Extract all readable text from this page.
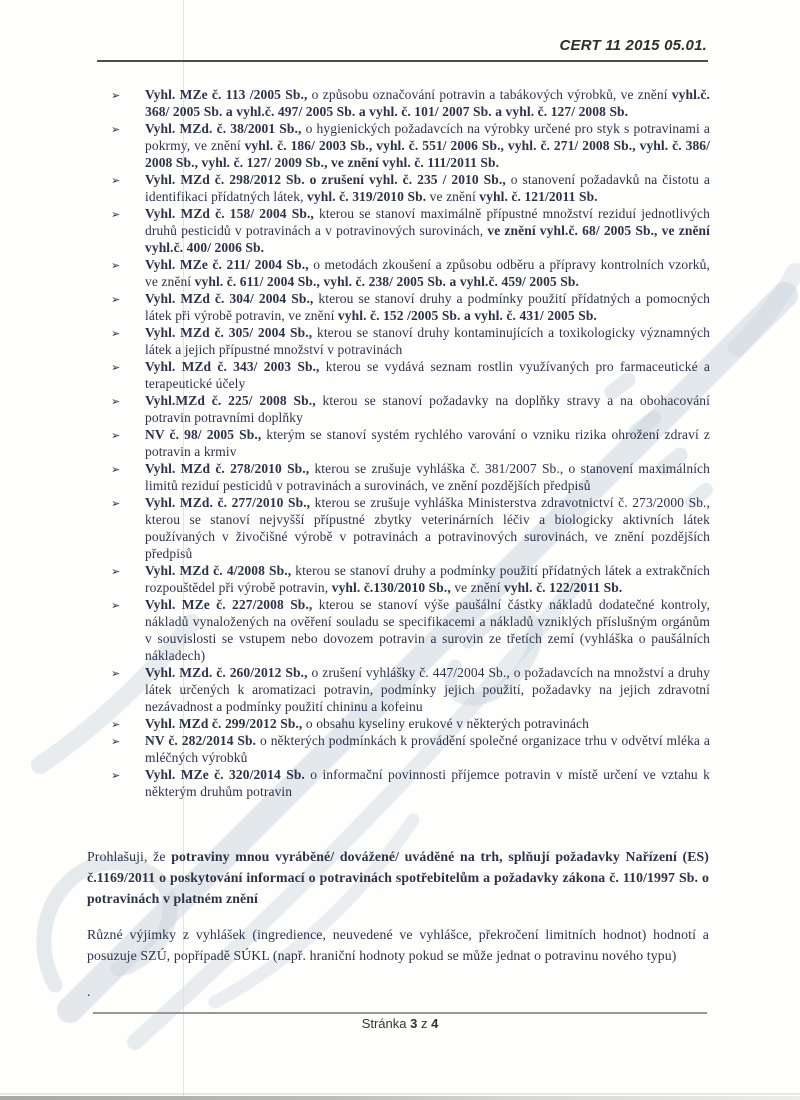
CERT 11 2015 05.01.
➢ Vyhl. MZe č. 113 /2005 Sb., o způsobu označování potravin a tabákových výrobků, ve znění vyhl.č. 368/ 2005 Sb. a vyhl.č. 497/ 2005 Sb. a vyhl. č. 101/ 2007 Sb. a vyhl. č. 127/ 2008 Sb.
➢ Vyhl. MZd. č. 38/2001 Sb., o hygienických požadavcích na výrobky určené pro styk s potravinami a pokrmy, ve znění vyhl. č. 186/ 2003 Sb., vyhl. č. 551/ 2006 Sb., vyhl. č. 271/ 2008 Sb., vyhl. č. 386/ 2008 Sb., vyhl. č. 127/ 2009 Sb., ve znění vyhl. č. 111/2011 Sb.
➢ Vyhl. MZd č. 298/2012 Sb. o zrušení vyhl. č. 235 / 2010 Sb., o stanovení požadavků na čistotu a identifikaci přídatných látek, vyhl. č. 319/2010 Sb. ve znění vyhl. č. 121/2011 Sb.
➢ Vyhl. MZd č. 158/ 2004 Sb., kterou se stanoví maximálně přípustné množství reziduí jednotlivých druhů pesticidů v potravinách a v potravinových surovinách, ve znění vyhl.č. 68/ 2005 Sb., ve znění vyhl.č. 400/ 2006 Sb.
➢ Vyhl. MZe č. 211/ 2004 Sb., o metodách zkoušení a způsobu odběru a přípravy kontrolních vzorků, ve znění vyhl. č. 611/ 2004 Sb., vyhl. č. 238/ 2005 Sb. a vyhl.č. 459/ 2005 Sb.
➢ Vyhl. MZd č. 304/ 2004 Sb., kterou se stanoví druhy a podmínky použití přídatných a pomocných látek při výrobě potravin, ve znění vyhl. č. 152 /2005 Sb. a vyhl. č. 431/ 2005 Sb.
➢ Vyhl. MZd č. 305/ 2004 Sb., kterou se stanoví druhy kontaminujících a toxikologicky významných látek a jejich přípustné množství v potravinách
➢ Vyhl. MZd č. 343/ 2003 Sb., kterou se vydává seznam rostlin využívaných pro farmaceutické a terapeutické účely
➢ Vyhl.MZd č. 225/ 2008 Sb., kterou se stanoví požadavky na doplňky stravy a na obohacování potravin potravními doplňky
➢ NV č. 98/ 2005 Sb., kterým se stanoví systém rychlého varování o vzniku rizika ohrožení zdraví z potravin a krmiv
➢ Vyhl. MZd č. 278/2010 Sb., kterou se zrušuje vyhláška č. 381/2007 Sb., o stanovení maximálních limitů reziduí pesticidů v potravinách a surovinách, ve znění pozdějších předpisů
➢ Vyhl. MZd. č. 277/2010 Sb., kterou se zrušuje vyhláška Ministerstva zdravotnictví č. 273/2000 Sb., kterou se stanoví nejvyšší přípustné zbytky veterinárních léčiv a biologicky aktivních látek používaných v živočišné výrobě v potravinách a potravinových surovinách, ve znění pozdějších předpisů
➢ Vyhl. MZd č. 4/2008 Sb., kterou se stanoví druhy a podmínky použití přídatných látek a extrakčních rozpouštědel při výrobě potravin, vyhl. č.130/2010 Sb., ve znění vyhl. č. 122/2011 Sb.
➢ Vyhl. MZe č. 227/2008 Sb., kterou se stanoví výše paušální částky nákladů dodatečné kontroly, nákladů vynaložených na ověření souladu se specifikacemi a nákladů vzniklých příslušným orgánům v souvislosti se vstupem nebo dovozem potravin a surovin ze třetích zemí (vyhláška o paušálních nákladech)
➢ Vyhl. MZd. č. 260/2012 Sb., o zrušení vyhlášky č. 447/2004 Sb., o požadavcích na množství a druhy látek určených k aromatizaci potravin, podmínky jejich použití, požadavky na jejich zdravotní nezávadnost a podmínky použití chininu a kofeinu
➢ Vyhl. MZd č. 299/2012 Sb., o obsahu kyseliny erukové v některých potravinách
➢ NV č. 282/2014 Sb. o některých podmínkách k provádění společné organizace trhu v odvětví mléka a mléčných výrobků
➢ Vyhl. MZe č. 320/2014 Sb. o informační povinnosti příjemce potravin v místě určení ve vztahu k některým druhům potravin

Prohlašuji, že potraviny mnou vyráběné/ dovážené/ uváděné na trh, splňují požadavky Nařízení (ES) č.1169/2011 o poskytování informací o potravinách spotřebitelům a požadavky zákona č. 110/1997 Sb. o potravinách v platném znění

Různé výjimky z vyhlášek (ingredience, neuvedené ve vyhlášce, překročení limitních hodnot) hodnotí a posuzuje SZÚ, popřípadě SÚKL (např. hraniční hodnoty pokud se může jednat o potravinu nového typu)

.

Stránka 3 z 4
